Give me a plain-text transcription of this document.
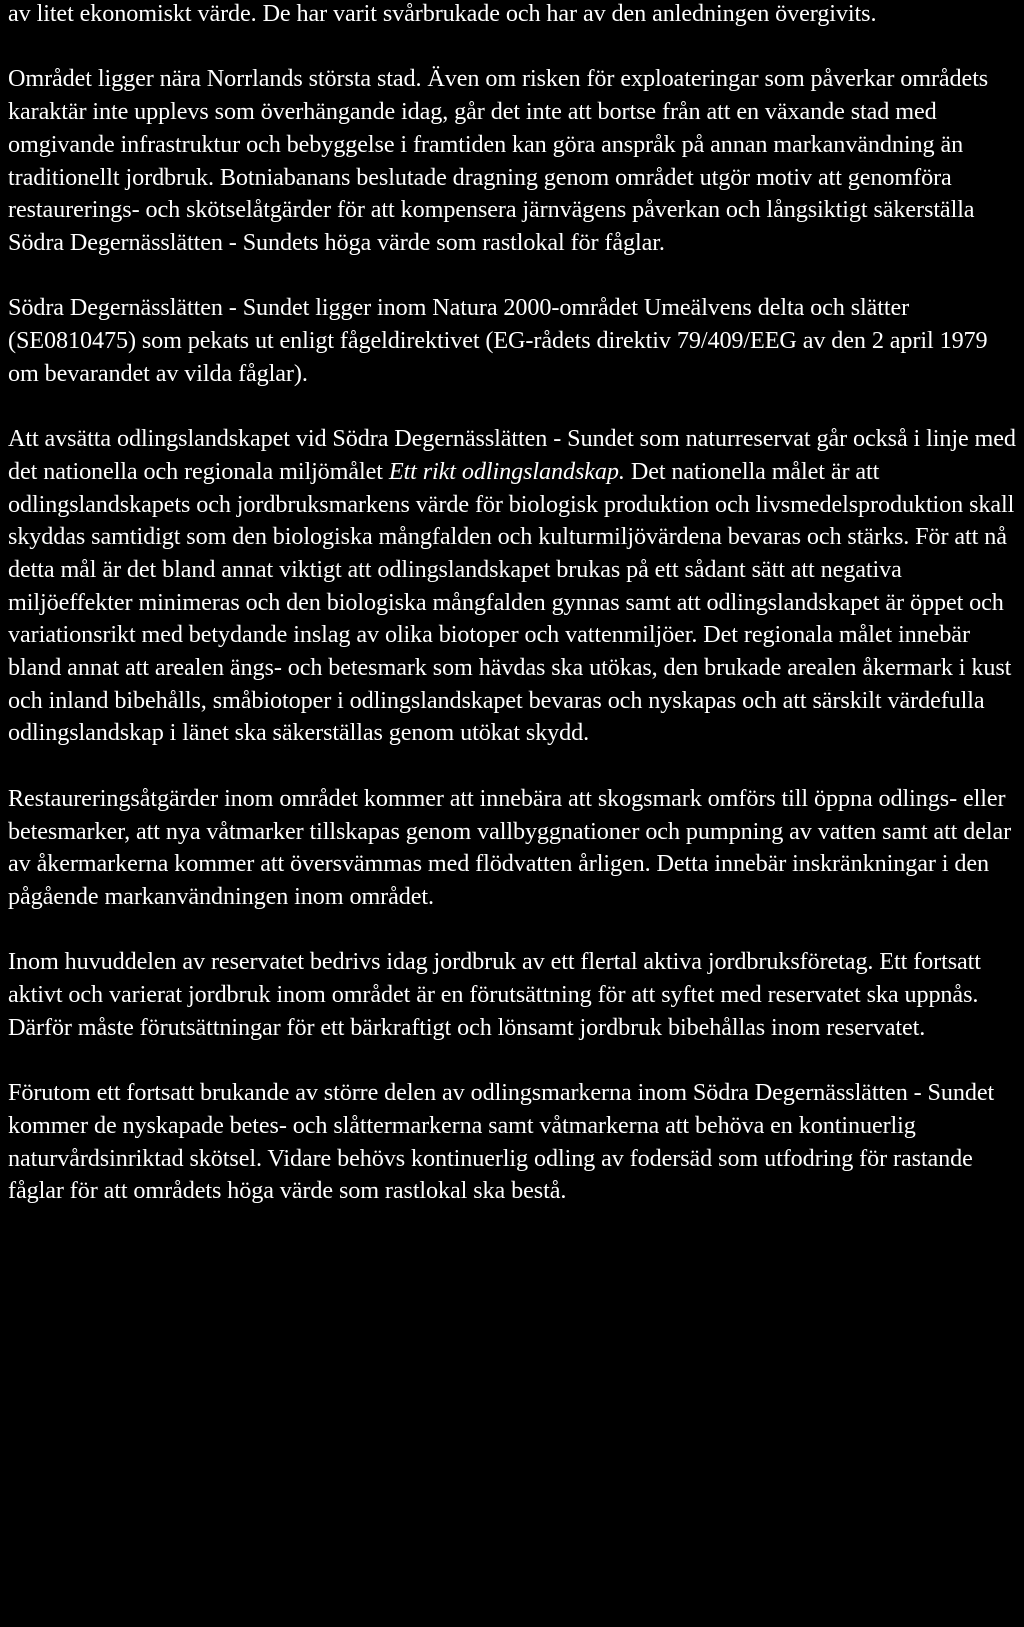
av litet ekonomiskt värde. De har varit svårbrukade och har av den anledningen övergivits.

Området ligger nära Norrlands största stad. Även om risken för exploateringar som påverkar områdets karaktär inte upplevs som överhängande idag, går det inte att bortse från att en växande stad med omgivande infrastruktur och bebyggelse i framtiden kan göra anspråk på annan markanvändning än traditionellt jordbruk. Botniabanans beslutade dragning genom området utgör motiv att genomföra restaurerings- och skötselåtgärder för att kompensera järnvägens påverkan och långsiktigt säkerställa Södra Degernässlätten - Sundets höga värde som rastlokal för fåglar.

Södra Degernässlätten - Sundet ligger inom Natura 2000-området Umeälvens delta och slätter (SE0810475) som pekats ut enligt fågeldirektivet (EG-rådets direktiv 79/409/EEG av den 2 april 1979 om bevarandet av vilda fåglar).

Att avsätta odlingslandskapet vid Södra Degernässlätten - Sundet som naturreservat går också i linje med det nationella och regionala miljömålet Ett rikt odlingslandskap. Det nationella målet är att odlingslandskapets och jordbruksmarkens värde för biologisk produktion och livsmedelsproduktion skall skyddas samtidigt som den biologiska mångfalden och kulturmiljövärdena bevaras och stärks. För att nå detta mål är det bland annat viktigt att odlingslandskapet brukas på ett sådant sätt att negativa miljöeffekter minimeras och den biologiska mångfalden gynnas samt att odlingslandskapet är öppet och variationsrikt med betydande inslag av olika biotoper och vattenmiljöer. Det regionala målet innebär bland annat att arealen ängs- och betesmark som hävdas ska utökas, den brukade arealen åkermark i kust och inland bibehålls, småbiotoper i odlingslandskapet bevaras och nyskapas och att särskilt värdefulla odlingslandskap i länet ska säkerställas genom utökat skydd.

Restaureringsåtgärder inom området kommer att innebära att skogsmark omförs till öppna odlings- eller betesmarker, att nya våtmarker tillskapas genom vallbyggnationer och pumpning av vatten samt att delar av åkermarkerna kommer att översvämmas med flödvatten årligen. Detta innebär inskränkningar i den pågående markanvändningen inom området.

Inom huvuddelen av reservatet bedrivs idag jordbruk av ett flertal aktiva jordbruksföretag. Ett fortsatt aktivt och varierat jordbruk inom området är en förutsättning för att syftet med reservatet ska uppnås. Därför måste förutsättningar för ett bärkraftigt och lönsamt jordbruk bibehållas inom reservatet.

Förutom ett fortsatt brukande av större delen av odlingsmarkerna inom Södra Degernässlätten - Sundet kommer de nyskapade betes- och slåttermarkerna samt våtmarkerna att behöva en kontinuerlig naturvårdsinriktad skötsel. Vidare behövs kontinuerlig odling av fodersäd som utfodring för rastande fåglar för att områdets höga värde som rastlokal ska bestå.
